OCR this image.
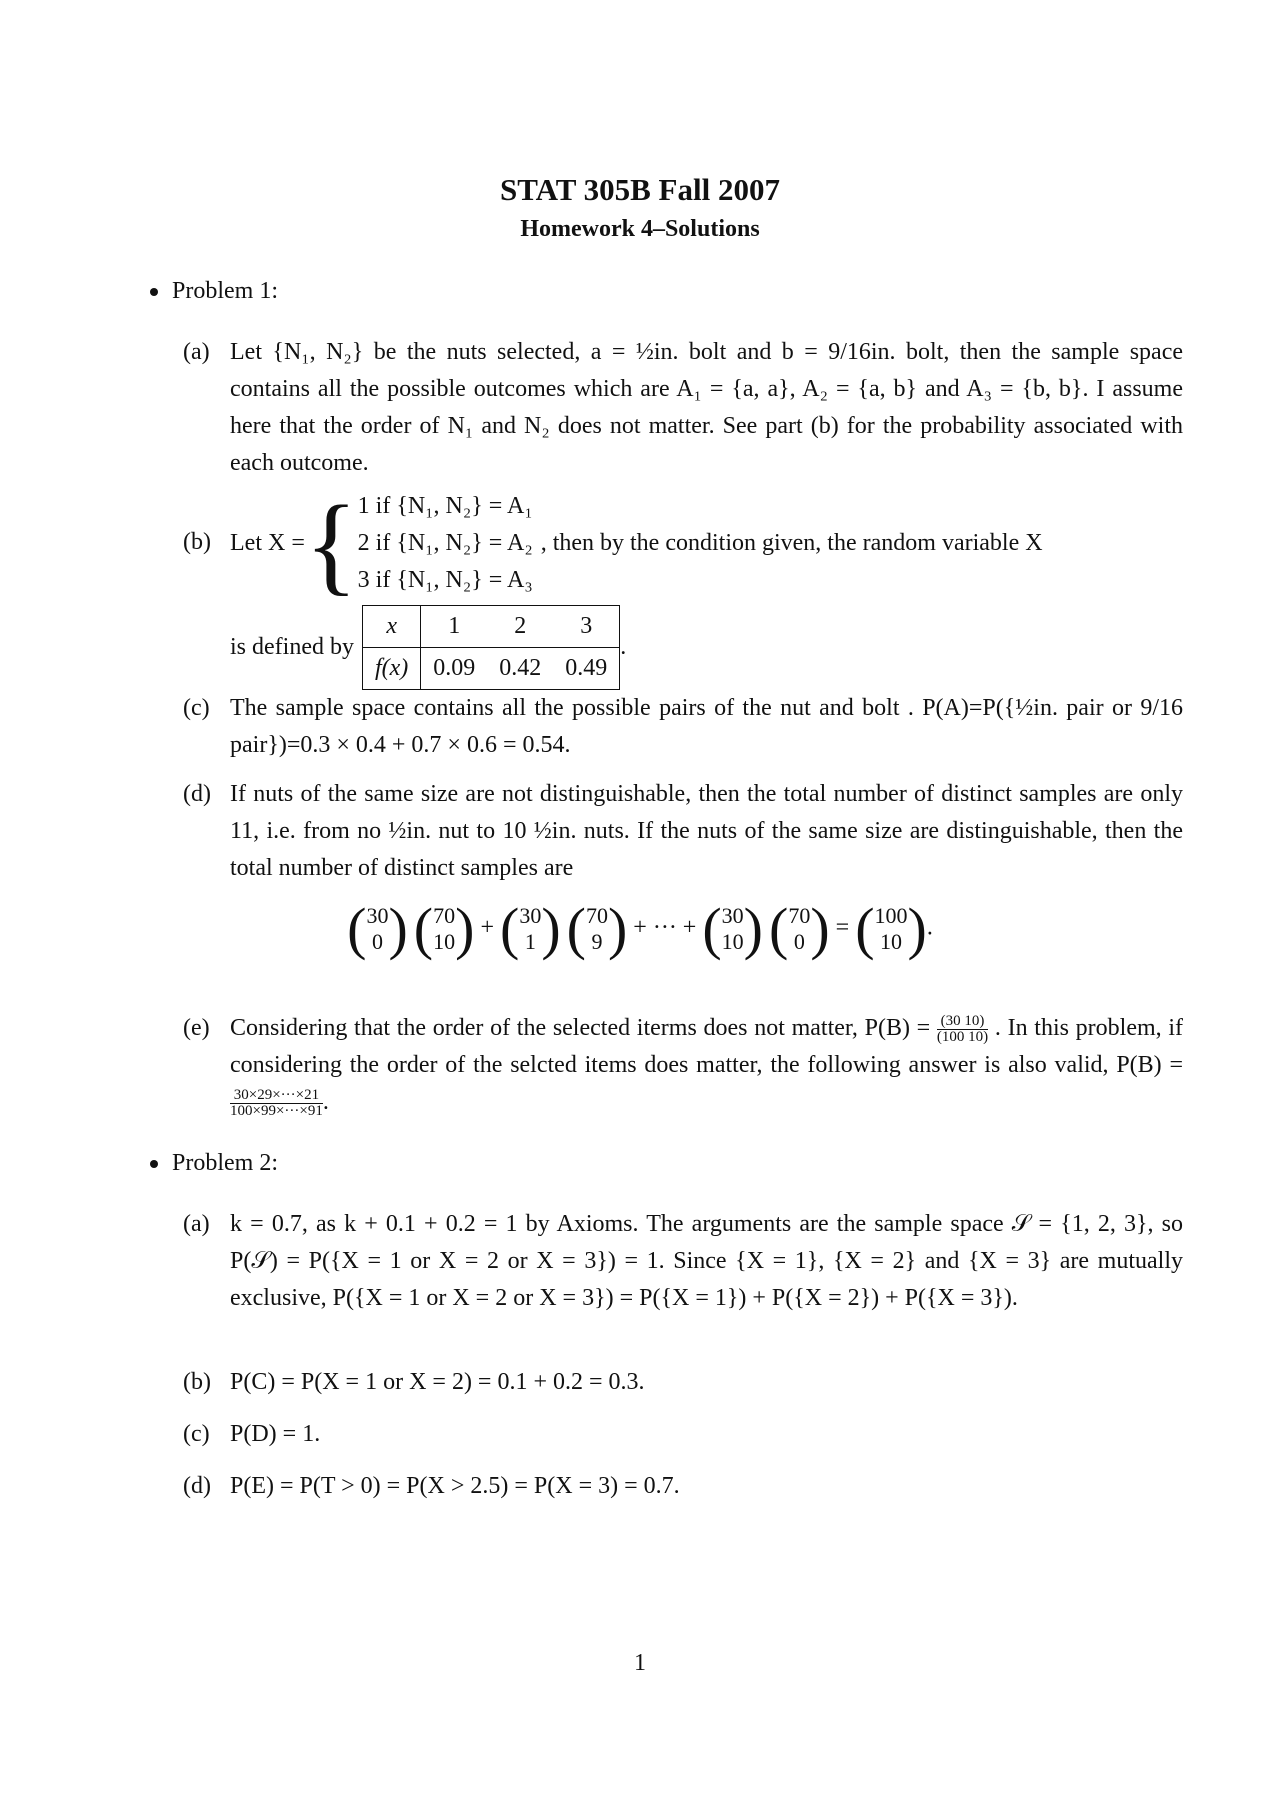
STAT 305B Fall 2007
Homework 4–Solutions
Problem 1:
(a) Let {N₁, N₂} be the nuts selected, a = ½in. bolt and b = 9/16in. bolt, then the sample space contains all the possible outcomes which are A₁ = {a, a}, A₂ = {a, b} and A₃ = {b, b}. I assume here that the order of N₁ and N₂ does not matter. See part (b) for the probability associated with each outcome.
(b) Let X = { 1 if {N₁, N₂} = A₁
2 if {N₁, N₂} = A₂
3 if {N₁, N₂} = A₃
, then by the condition given, the random variable X
is defined by
x	1	2	3
f(x)	0.09	0.42	0.49
.
(c) The sample space contains all the possible pairs of the nut and bolt . P(A)=P({½in. pair or 9/16 pair})=0.3 × 0.4 + 0.7 × 0.6 = 0.54.
(d) If nuts of the same size are not distinguishable, then the total number of distinct samples are only 11, i.e. from no ½in. nut to 10 ½in. nuts. If the nuts of the same size are distinguishable, then the total number of distinct samples are
( 30
0 )
( 70
10 ) + ( 30
1 )
( 70
9 ) + ··· + ( 30
10 )
( 70
0 ) = ( 100
10 ) .
(e) Considering that the order of the selected iterms does not matter, $P(B) = \frac{(30 10)}{(100 10)}$ . In this problem, if considering the order of the selcted items does matter, the following answer is also valid, P(B) =
$\frac{30\times 29\times\cdot\cdot\cdot\times 21}{100\times 99\times\cdot\cdot\cdot\times 91}$ .
Problem 2:
(a) k = 0.7, as k + 0.1 + 0.2 = 1 by Axioms. The arguments are the sample space 𝒮 = {1, 2, 3}, so P(𝒮) = P({X = 1 or X = 2 or X = 3}) = 1. Since {X = 1}, {X = 2} and {X = 3} are mutually exclusive, P({X = 1 or X = 2 or X = 3}) = P({X = 1}) + P({X = 2}) + P({X = 3}).
(b) P(C) = P(X = 1 or X = 2) = 0.1 + 0.2 = 0.3.
(c) P(D) = 1.
(d) P(E) = P(T > 0) = P(X > 2.5) = P(X = 3) = 0.7.
1
